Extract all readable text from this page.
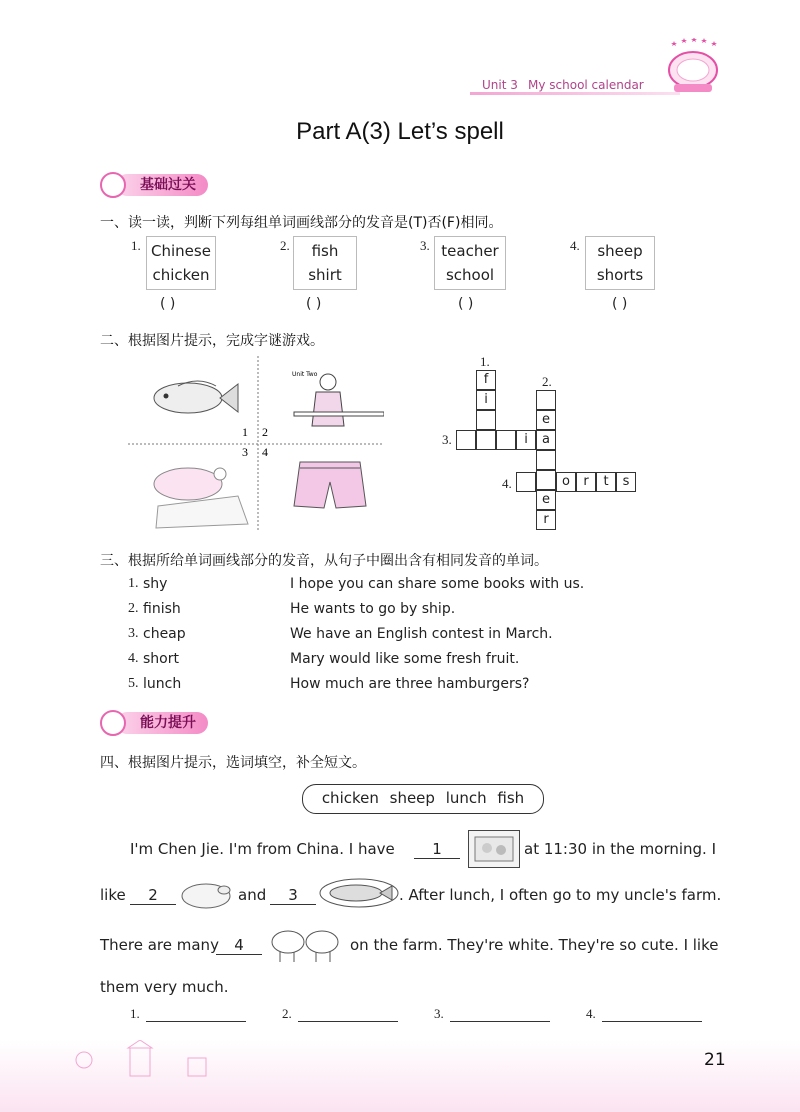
Unit 3 My school calendar
Part A(3) Let’s spell
基础过关
一、读一读，判断下列每组单词画线部分的发音是(T)否(F)相同。
1. Chinese
chicken
( )
2.	fish
shirt
( )
3. teacher
school
( )
4.	sheep
shorts
( )
二、根据图片提示，完成字谜游戏。
Unit Two
1 2
3 4
1.
2.
3.
4.
f
i
i
e
a
e
r
o	r	t	s
三、根据所给单词画线部分的发音，从句子中圈出含有相同发音的单词。
1. shy	I hope you can share some books with us.
2. finish	He wants to go by ship.
3. cheap	We have an English contest in March.
4. short	Mary would like some fresh fruit.
5. lunch	How much are three hamburgers?
能力提升
四、根据图片提示，选词填空，补全短文。
chicken sheep lunch fish
I'm Chen Jie. I'm from China. I have	1	at 11:30 in the morning. I
like	2	and	3	. After lunch, I often go to my uncle's farm.
There are many	4	on the farm. They're white. They're so cute. I like
them very much.
1.	2.	3.	4.
21
